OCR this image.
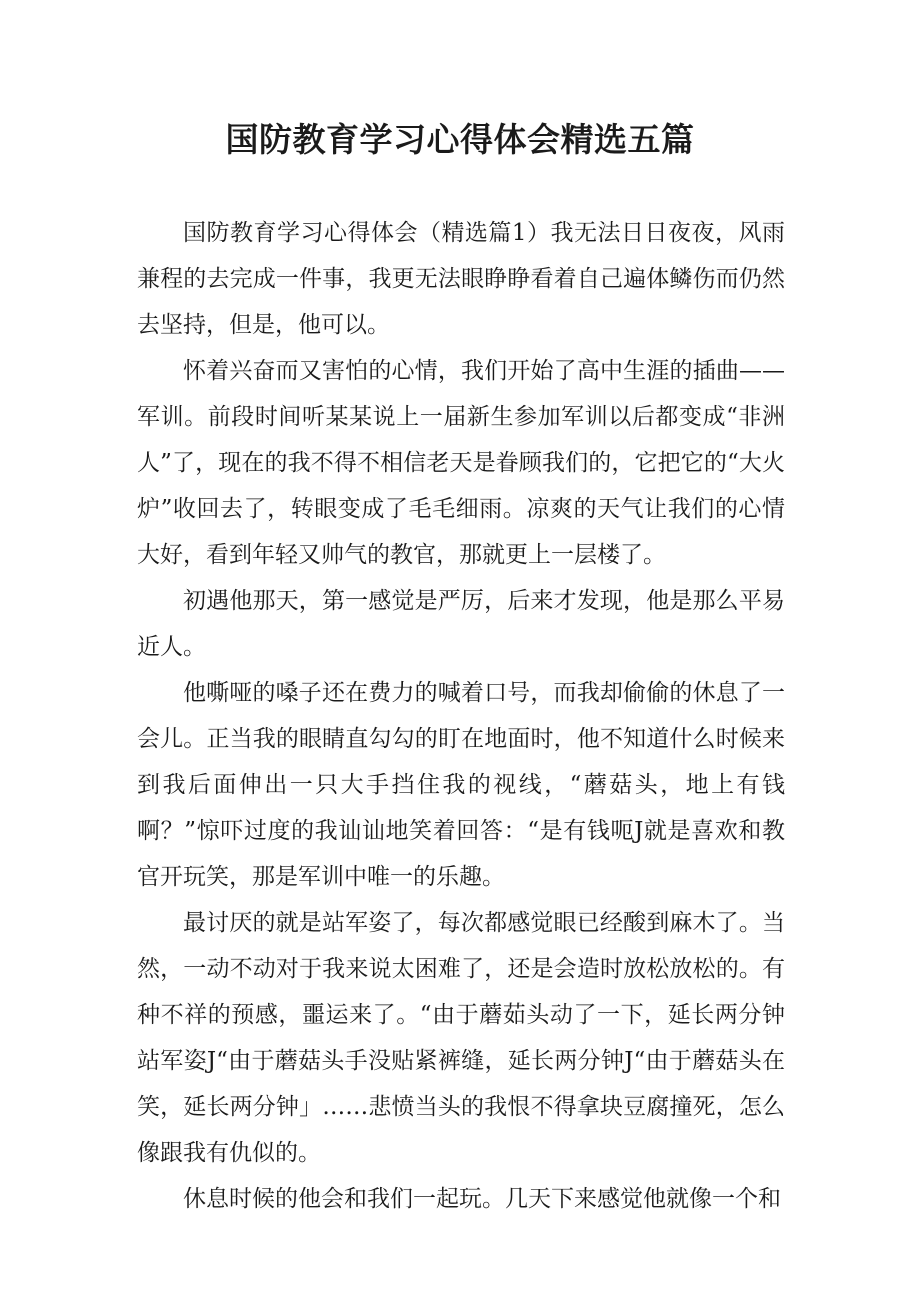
国防教育学习心得体会精选五篇

国防教育学习心得体会（精选篇1）我无法日日夜夜，风雨兼程的去完成一件事，我更无法眼睁睁看着自己遍体鳞伤而仍然去坚持，但是，他可以。

怀着兴奋而又害怕的心情，我们开始了高中生涯的插曲——军训。前段时间听某某说上一届新生参加军训以后都变成“非洲人”了，现在的我不得不相信老天是眷顾我们的，它把它的“大火炉”收回去了，转眼变成了毛毛细雨。凉爽的天气让我们的心情大好，看到年轻又帅气的教官，那就更上一层楼了。

初遇他那天，第一感觉是严厉，后来才发现，他是那么平易近人。

他嘶哑的嗓子还在费力的喊着口号，而我却偷偷的休息了一会儿。正当我的眼睛直勾勾的盯在地面时，他不知道什么时候来到我后面伸出一只大手挡住我的视线，“蘑菇头，地上有钱啊？”惊吓过度的我讪讪地笑着回答：“是有钱呃J就是喜欢和教官开玩笑，那是军训中唯一的乐趣。

最讨厌的就是站军姿了，每次都感觉眼已经酸到麻木了。当然，一动不动对于我来说太困难了，还是会造时放松放松的。有种不祥的预感，噩运来了。“由于蘑茹头动了一下，延长两分钟站军姿J“由于蘑菇头手没贴紧裤缝，延长两分钟J“由于蘑菇头在笑，延长两分钟」……悲愤当头的我恨不得拿块豆腐撞死，怎么像跟我有仇似的。

休息时候的他会和我们一起玩。几天下来感觉他就像一个和
